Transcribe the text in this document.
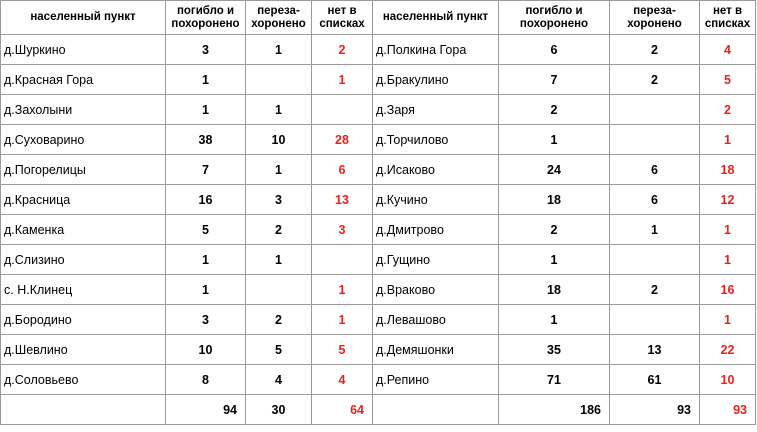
населенный пункт	погибло и похоронено	переза-хоронено	нет в списках	населенный пункт	погибло и похоронено	переза-хоронено	нет в списках
д.Шуркино	3	1	2	д.Полкина Гора	6	2	4
д.Красная Гора	1		1	д.Бракулино	7	2	5
д.Захолыни	1	1		д.Заря	2		2
д.Суховарино	38	10	28	д.Торчилово	1		1
д.Погорелицы	7	1	6	д.Исаково	24	6	18
д.Красница	16	3	13	д.Кучино	18	6	12
д.Каменка	5	2	3	д.Дмитрово	2	1	1
д.Слизино	1	1		д.Гущино	1		1
с. Н.Клинец	1		1	д.Враково	18	2	16
д.Бородино	3	2	1	д.Левашово	1		1
д.Шевлино	10	5	5	д.Демяшонки	35	13	22
д.Соловьево	8	4	4	д.Репино	71	61	10
	94	30	64		186	93	93
